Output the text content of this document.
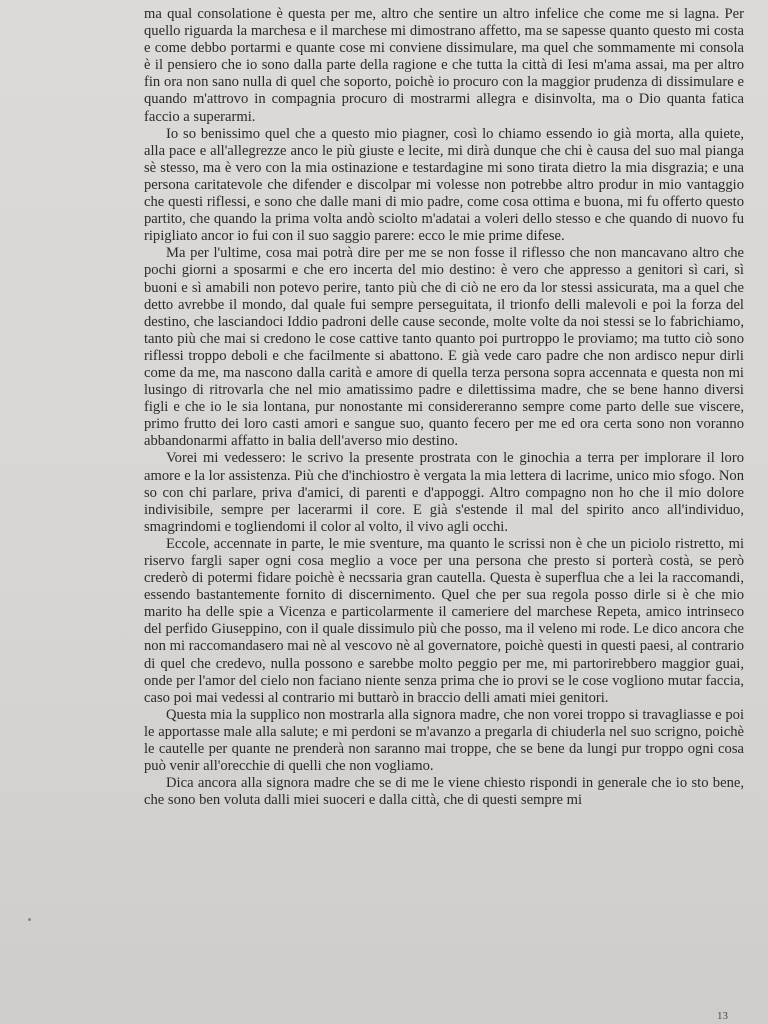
ma qual consolatione è questa per me, altro che sentire un altro infelice che come me si lagna. Per quello riguarda la marchesa e il marchese mi dimostrano affetto, ma se sapesse quanto questo mi costa e come debbo portarmi e quante cose mi conviene dissimulare, ma quel che sommamente mi consola è il pensiero che io sono dalla parte della ragione e che tutta la città di Iesi m'ama assai, ma per altro fin ora non sano nulla di quel che soporto, poichè io procuro con la maggior prudenza di dissimulare e quando m'attrovo in compagnia procuro di mostrarmi allegra e disinvolta, ma o Dio quanta fatica faccio a superarmi.

Io so benissimo quel che a questo mio piagner, così lo chiamo essendo io già morta, alla quiete, alla pace e all'allegrezze anco le più giuste e lecite, mi dirà dunque che chi è causa del suo mal pianga sè stesso, ma è vero con la mia ostinazione e testardagine mi sono tirata dietro la mia disgrazia; e una persona caritatevole che difender e discolpar mi volesse non potrebbe altro produr in mio vantaggio che questi riflessi, e sono che dalle mani di mio padre, come cosa ottima e buona, mi fu offerto questo partito, che quando la prima volta andò sciolto m'adatai a voleri dello stesso e che quando di nuovo fu ripigliato ancor io fui con il suo saggio parere: ecco le mie prime difese.

Ma per l'ultime, cosa mai potrà dire per me se non fosse il riflesso che non mancavano altro che pochi giorni a sposarmi e che ero incerta del mio destino: è vero che appresso a genitori sì cari, sì buoni e sì amabili non potevo perire, tanto più che di ciò ne ero da lor stessi assicurata, ma a quel che detto avrebbe il mondo, dal quale fui sempre perseguitata, il trionfo delli malevoli e poi la forza del destino, che lasciandoci Iddio padroni delle cause seconde, molte volte da noi stessi se lo fabrichiamo, tanto più che mai si credono le cose cattive tanto quanto poi purtroppo le proviamo; ma tutto ciò sono riflessi troppo deboli e che facilmente si abattono. E già vede caro padre che non ardisco nepur dirli come da me, ma nascono dalla carità e amore di quella terza persona sopra accennata e questa non mi lusingo di ritrovarla che nel mio amatissimo padre e dilettissima madre, che se bene hanno diversi figli e che io le sia lontana, pur nonostante mi considereranno sempre come parto delle sue viscere, primo frutto dei loro casti amori e sangue suo, quanto fecero per me ed ora certa sono non voranno abbandonarmi affatto in balia dell'averso mio destino.

Vorei mi vedessero: le scrivo la presente prostrata con le ginochia a terra per implorare il loro amore e la lor assistenza. Più che d'inchiostro è vergata la mia lettera di lacrime, unico mio sfogo. Non so con chi parlare, priva d'amici, di parenti e d'appoggi. Altro compagno non ho che il mio dolore indivisibile, sempre per lacerarmi il core. E già s'estende il mal del spirito anco all'individuo, smagrindomi e togliendomi il color al volto, il vivo agli occhi.

Eccole, accennate in parte, le mie sventure, ma quanto le scrissi non è che un piciolo ristretto, mi riservo fargli saper ogni cosa meglio a voce per una persona che presto si porterà costà, se però crederò di potermi fidare poichè è necssaria gran cautella. Questa è superflua che a lei la raccomandi, essendo bastantemente fornito di discernimento. Quel che per sua regola posso dirle si è che mio marito ha delle spie a Vicenza e particolarmente il cameriere del marchese Repeta, amico intrinseco del perfido Giuseppino, con il quale dissimulo più che posso, ma il veleno mi rode. Le dico ancora che non mi raccomandasero mai nè al vescovo nè al governatore, poichè questi in questi paesi, al contrario di quel che credevo, nulla possono e sarebbe molto peggio per me, mi partorirebbero maggior guai, onde per l'amor del cielo non faciano niente senza prima che io provi se le cose vogliono mutar faccia, caso poi mai vedessi al contrario mi buttarò in braccio delli amati miei genitori.

Questa mia la supplico non mostrarla alla signora madre, che non vorei troppo si travagliasse e poi le apportasse male alla salute; e mi perdoni se m'avanzo a pregarla di chiuderla nel suo scrigno, poichè le cautelle per quante ne prenderà non saranno mai troppe, che se bene da lungi pur troppo ogni cosa può venir all'orecchie di quelli che non vogliamo.

Dica ancora alla signora madre che se di me le viene chiesto rispondi in generale che io sto bene, che sono ben voluta dalli miei suoceri e dalla città, che di questi sempre mi

13
